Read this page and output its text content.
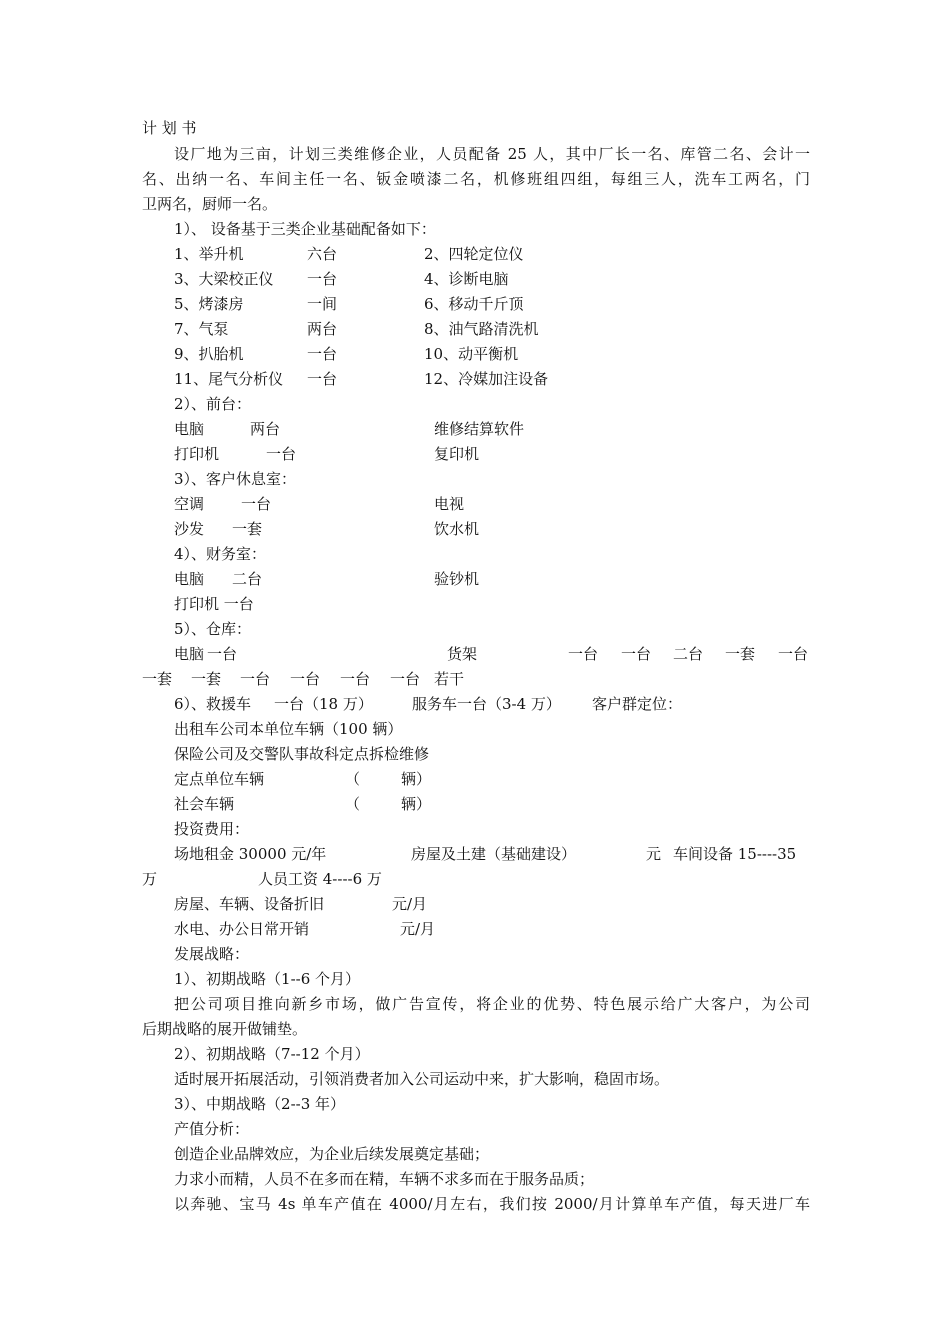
计 划 书
设厂地为三亩，计划三类维修企业，人员配备 25 人，其中厂长一名、库管二名、会计一
名、出纳一名、车间主任一名、钣金喷漆二名，机修班组四组，每组三人，洗车工两名，门
卫两名，厨师一名。
1）、 设备基于三类企业基础配备如下：
1、举升机	六台	2、四轮定位仪
3、大梁校正仪 一台	4、诊断电脑
5、烤漆房	一间	6、移动千斤顶
7、气泵	两台	8、油气路清洗机
9、扒胎机	一台	10、动平衡机
11、尾气分析仪 一台	12、冷媒加注设备
2）、前台：
电脑	两台	维修结算软件
打印机	一台	复印机
3）、客户休息室：
空调 一台	电视
沙发 一套	饮水机
4）、财务室：
电脑 二台	验钞机
打印机 一台
5）、仓库：
电脑 一台	货架	一台 一台 二台 一套 一台
一套 一套 一台 一台 一台 一台 若干
6）、救援车 一台（18 万）	服务车一台（3-4 万） 客户群定位：
出租车公司本单位车辆（100 辆）
保险公司及交警队事故科定点拆检维修
定点单位车辆	（	辆）
社会车辆	（	辆）
投资费用：
场地租金 30000 元/年	房屋及土建（基础建设）	元 车间设备 15----35
万	人员工资 4----6 万
房屋、车辆、设备折旧	元/月
水电、办公日常开销	元/月
发展战略：
1）、初期战略（1--6 个月）
把公司项目推向新乡市场，做广告宣传，将企业的优势、特色展示给广大客户，为公司
后期战略的展开做铺垫。
2）、初期战略（7--12 个月）
适时展开拓展活动，引领消费者加入公司运动中来，扩大影响，稳固市场。
3）、中期战略（2--3 年）
产值分析：
创造企业品牌效应，为企业后续发展奠定基础；
力求小而精，人员不在多而在精，车辆不求多而在于服务品质；
以奔驰、宝马 4s 单车产值在 4000/月左右，我们按 2000/月计算单车产值，每天进厂车
